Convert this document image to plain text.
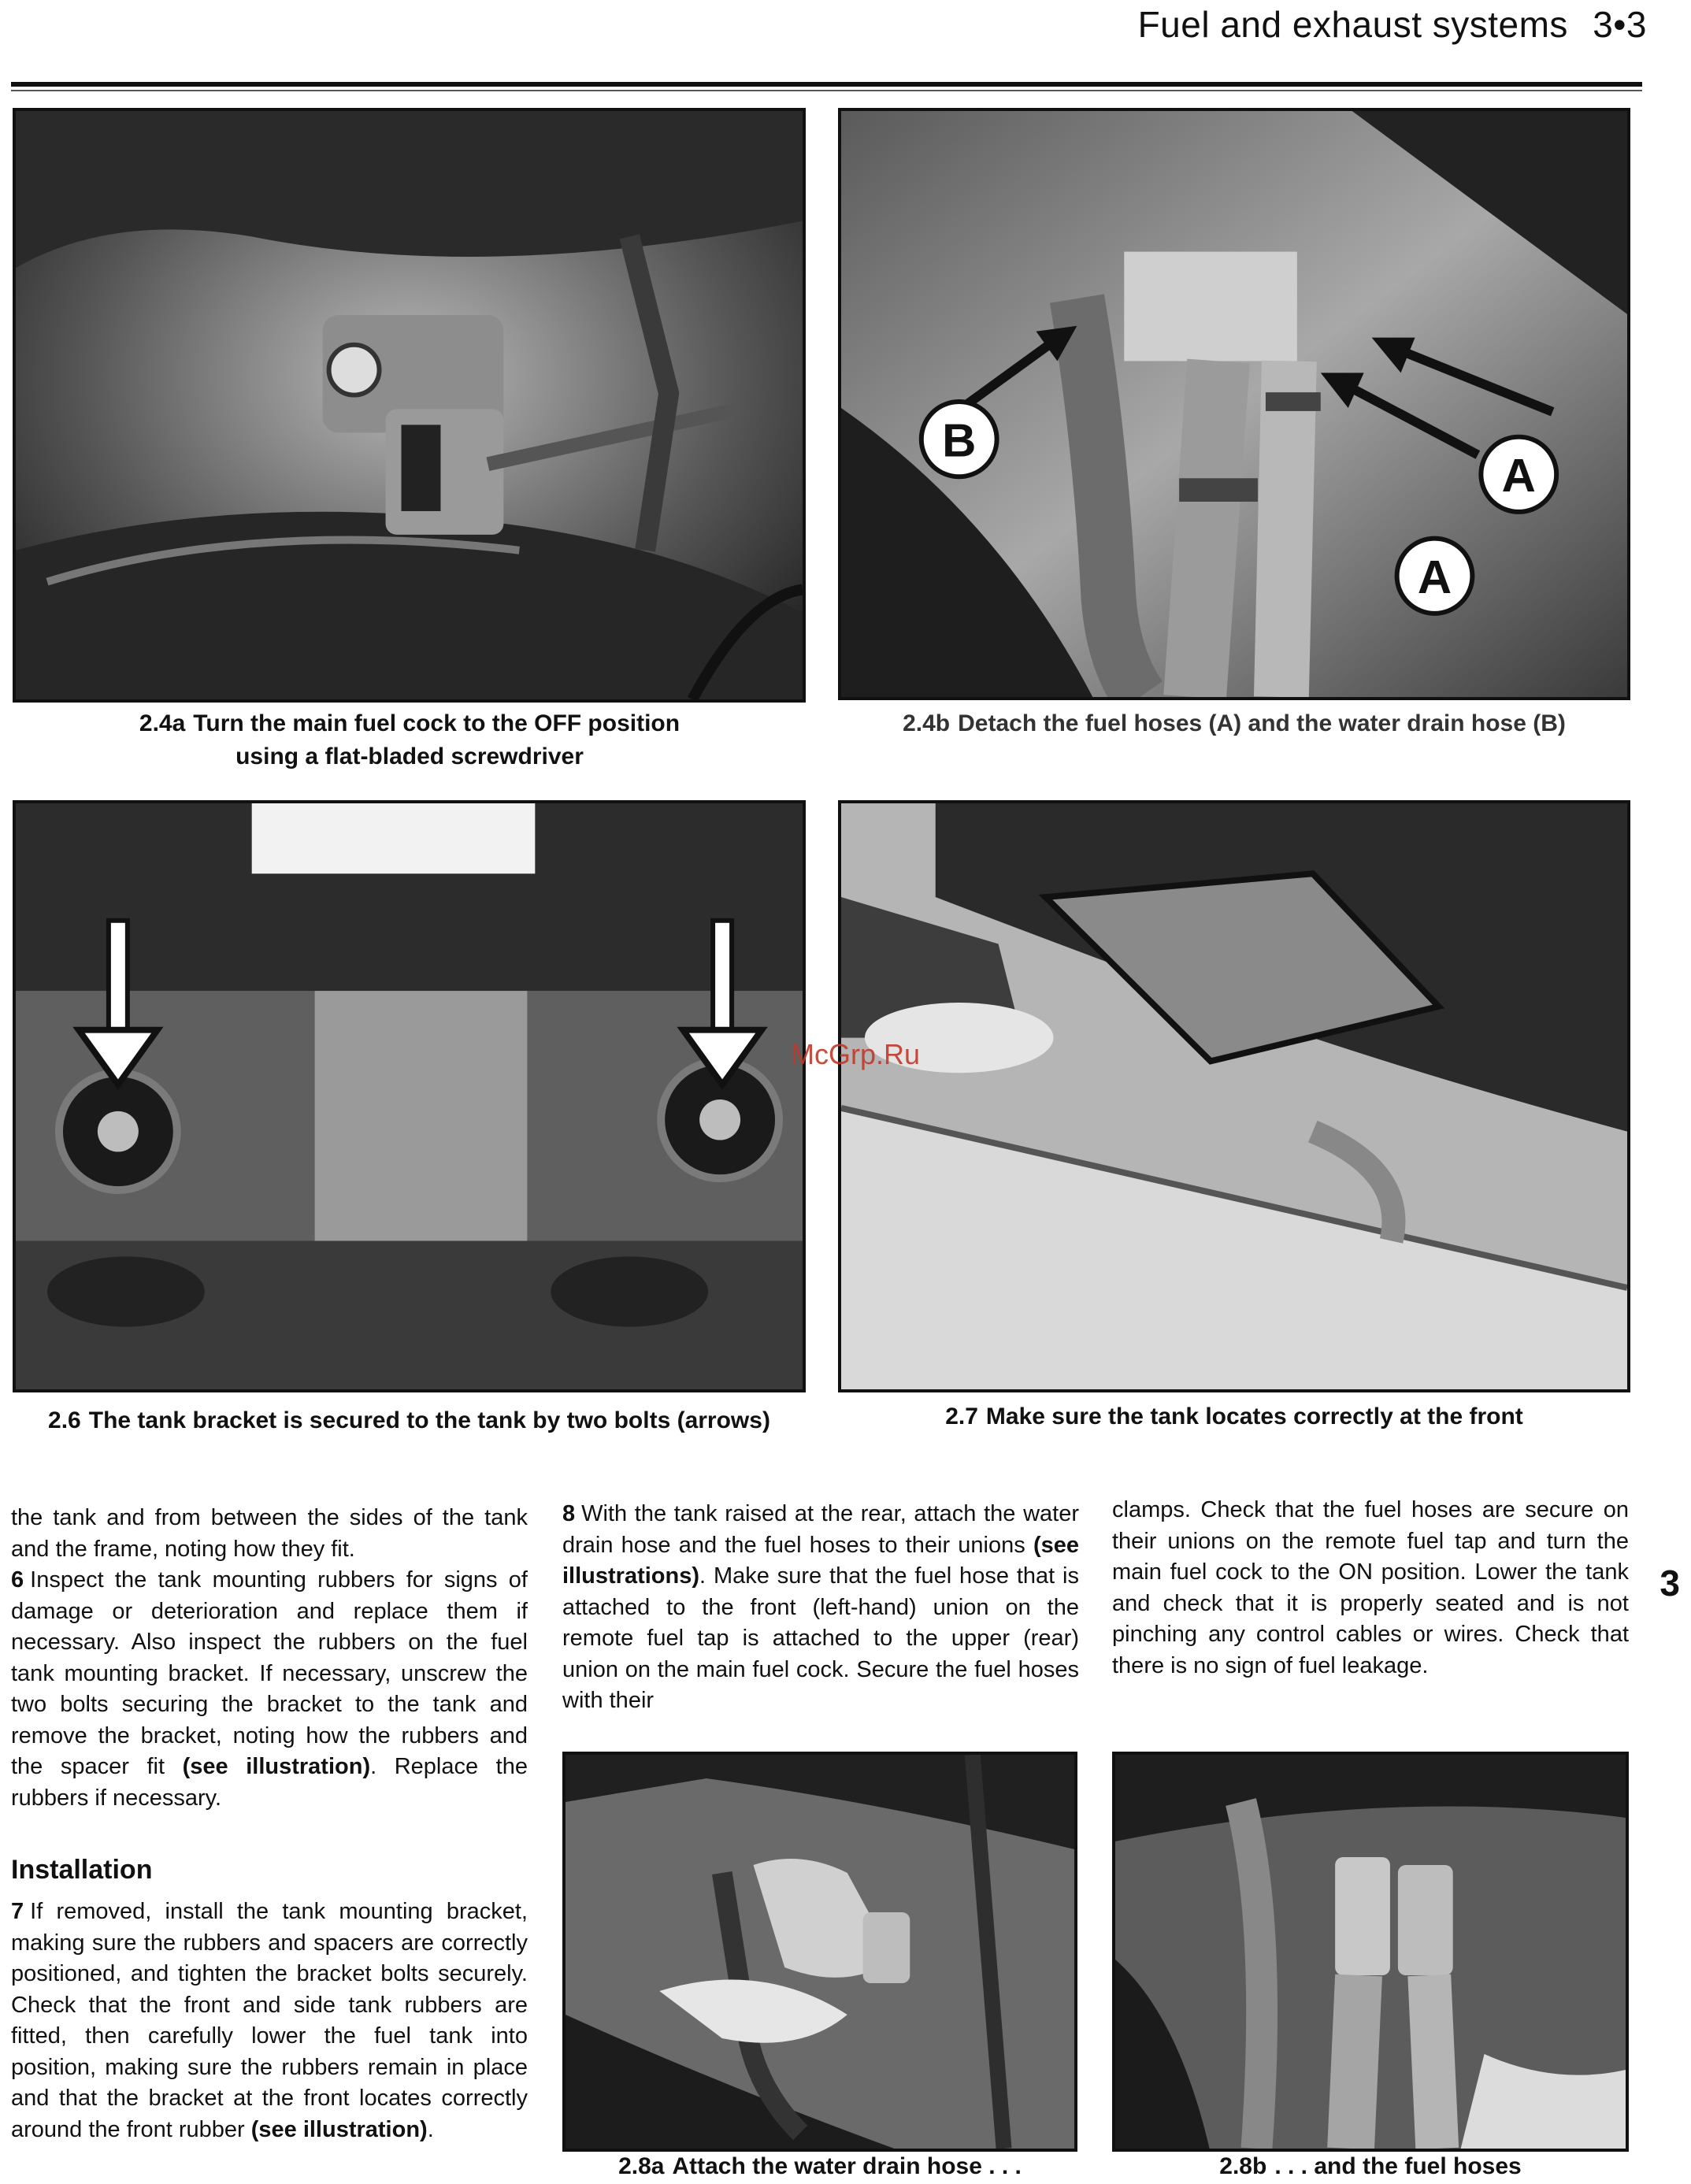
Fuel and exhaust systems 3•3
2.4a Turn the main fuel cock to the OFF position
using a flat-bladed screwdriver
B
A
A
2.4b Detach the fuel hoses (A) and the water drain hose (B)
2.6 The tank bracket is secured to the tank by two bolts (arrows)	2.7 Make sure the tank locates correctly at the front
McGrp.Ru

the tank and from between the sides of the tank and the frame, noting how they fit.

6 Inspect the tank mounting rubbers for signs of damage or deterioration and replace them if necessary. Also inspect the rubbers on the fuel tank mounting bracket. If necessary, unscrew the two bolts securing the bracket to the tank and remove the bracket, noting how the rubbers and the spacer fit (see illustration). Replace the rubbers if necessary.

Installation

7 If removed, install the tank mounting bracket, making sure the rubbers and spacers are correctly positioned, and tighten the bracket bolts securely. Check that the front and side tank rubbers are fitted, then carefully lower the fuel tank into position, making sure the rubbers remain in place and that the bracket at the front locates correctly around the front rubber (see illustration).

8 With the tank raised at the rear, attach the water drain hose and the fuel hoses to their unions (see illustrations). Make sure that the fuel hose that is attached to the front (left-hand) union on the remote fuel tap is attached to the upper (rear) union on the main fuel cock. Secure the fuel hoses with their

clamps. Check that the fuel hoses are secure on their unions on the remote fuel tap and turn the main fuel cock to the ON position. Lower the tank and check that it is properly seated and is not pinching any control cables or wires. Check that there is no sign of fuel leakage.

3
2.8a Attach the water drain hose . . .	2.8b . . . and the fuel hoses
